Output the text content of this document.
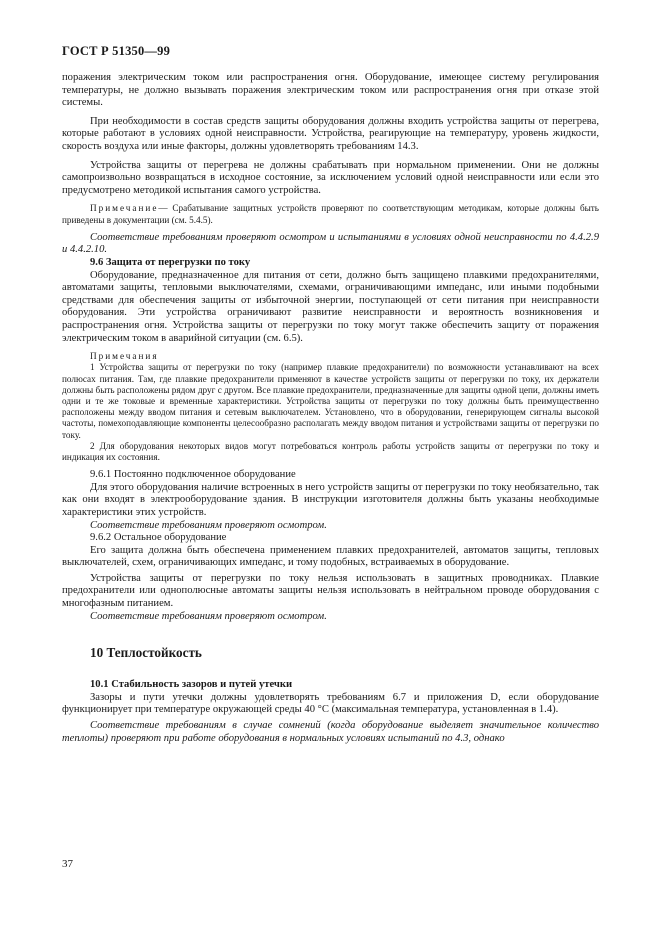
ГОСТ Р 51350—99

поражения электрическим током или распространения огня. Оборудование, имеющее систему регулирования температуры, не должно вызывать поражения электрическим током или распространения огня при отказе этой системы.

При необходимости в состав средств защиты оборудования должны входить устройства защиты от перегрева, которые работают в условиях одной неисправности. Устройства, реагирующие на температуру, уровень жидкости, скорость воздуха или иные факторы, должны удовлетворять требованиям 14.3.

Устройства защиты от перегрева не должны срабатывать при нормальном применении. Они не должны самопроизвольно возвращаться в исходное состояние, за исключением условий одной неисправности или если это предусмотрено методикой испытания самого устройства.

Примечание— Срабатывание защитных устройств проверяют по соответствующим методикам, которые должны быть приведены в документации (см. 5.4.5).

Соответствие требованиям проверяют осмотром и испытаниями в условиях одной неисправности по 4.4.2.9 и 4.4.2.10.

9.6 Защита от перегрузки по току

Оборудование, предназначенное для питания от сети, должно быть защищено плавкими предохранителями, автоматами защиты, тепловыми выключателями, схемами, ограничивающими импеданс, или иными подобными средствами для обеспечения защиты от избыточной энергии, поступающей от сети питания при неисправности оборудования. Эти устройства ограничивают развитие неисправности и вероятность возникновения и распространения огня. Устройства защиты от перегрузки по току могут также обеспечить защиту от поражения электрическим током в аварийной ситуации (см. 6.5).

Примечания

1 Устройства защиты от перегрузки по току (например плавкие предохранители) по возможности устанавливают на всех полюсах питания. Там, где плавкие предохранители применяют в качестве устройств защиты от перегрузки по току, их держатели должны быть расположены рядом друг с другом. Все плавкие предохранители, предназначенные для защиты одной цепи, должны иметь одни и те же токовые и временные характеристики. Устройства защиты от перегрузки по току должны быть преимущественно расположены между вводом питания и сетевым выключателем. Установлено, что в оборудовании, генерирующем сигналы высокой частоты, помехоподавляющие компоненты целесообразно располагать между вводом питания и устройствами защиты от перегрузки по току.

2 Для оборудования некоторых видов могут потребоваться контроль работы устройств защиты от перегрузки по току и индикация их состояния.

9.6.1 Постоянно подключенное оборудование

Для этого оборудования наличие встроенных в него устройств защиты от перегрузки по току необязательно, так как они входят в электрооборудование здания. В инструкции изготовителя должны быть указаны необходимые характеристики этих устройств.

Соответствие требованиям проверяют осмотром.

9.6.2 Остальное оборудование

Его защита должна быть обеспечена применением плавких предохранителей, автоматов защиты, тепловых выключателей, схем, ограничивающих импеданс, и тому подобных, встраиваемых в оборудование.

Устройства защиты от перегрузки по току нельзя использовать в защитных проводниках. Плавкие предохранители или однополюсные автоматы защиты нельзя использовать в нейтральном проводе оборудования с многофазным питанием.

Соответствие требованиям проверяют осмотром.

10 Теплостойкость

10.1 Стабильность зазоров и путей утечки

Зазоры и пути утечки должны удовлетворять требованиям 6.7 и приложения D, если оборудование функционирует при температуре окружающей среды 40 °C (максимальная температура, установленная в 1.4).

Соответствие требованиям в случае сомнений (когда оборудование выделяет значительное количество теплоты) проверяют при работе оборудования в нормальных условиях испытаний по 4.3, однако

37
